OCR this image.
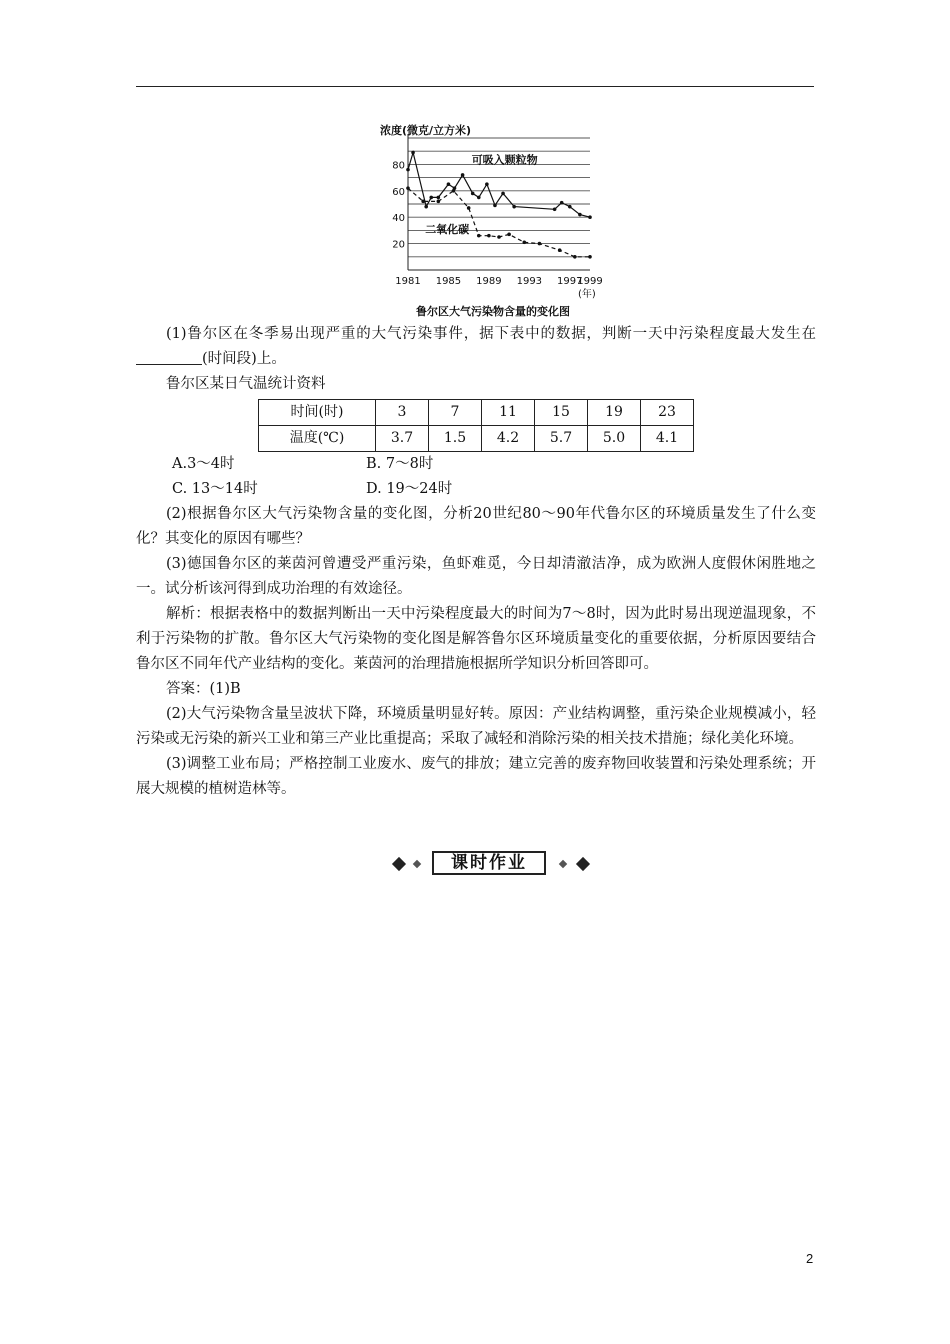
浓度(微克/立方米)
20
40
60
80
1981 1985 1989 1993 1997
1999
(年)
可吸入颗粒物
二氧化碳
鲁尔区大气污染物含量的变化图

(1)鲁尔区在冬季易出现严重的大气污染事件，据下表中的数据，判断一天中污染程度最大发生在(时间段)上。

鲁尔区某日气温统计资料

时间(时)	3	7	11	15	19	23
温度(℃)	3.7	1.5	4.2	5.7	5.0	4.1
A.3～4时	B. 7～8时
C. 13～14时	D. 19～24时

(2)根据鲁尔区大气污染物含量的变化图，分析20世纪80～90年代鲁尔区的环境质量发生了什么变化？其变化的原因有哪些？

(3)德国鲁尔区的莱茵河曾遭受严重污染，鱼虾难觅，今日却清澈洁净，成为欧洲人度假休闲胜地之一。试分析该河得到成功治理的有效途径。

解析：根据表格中的数据判断出一天中污染程度最大的时间为7～8时，因为此时易出现逆温现象，不利于污染物的扩散。鲁尔区大气污染物的变化图是解答鲁尔区环境质量变化的重要依据，分析原因要结合鲁尔区不同年代产业结构的变化。莱茵河的治理措施根据所学知识分析回答即可。

答案：(1)B

(2)大气污染物含量呈波状下降，环境质量明显好转。原因：产业结构调整，重污染企业规模减小，轻污染或无污染的新兴工业和第三产业比重提高；采取了减轻和消除污染的相关技术措施；绿化美化环境。

(3)调整工业布局；严格控制工业废水、废气的排放；建立完善的废弃物回收装置和污染处理系统；开展大规模的植树造林等。

课时作业
2
